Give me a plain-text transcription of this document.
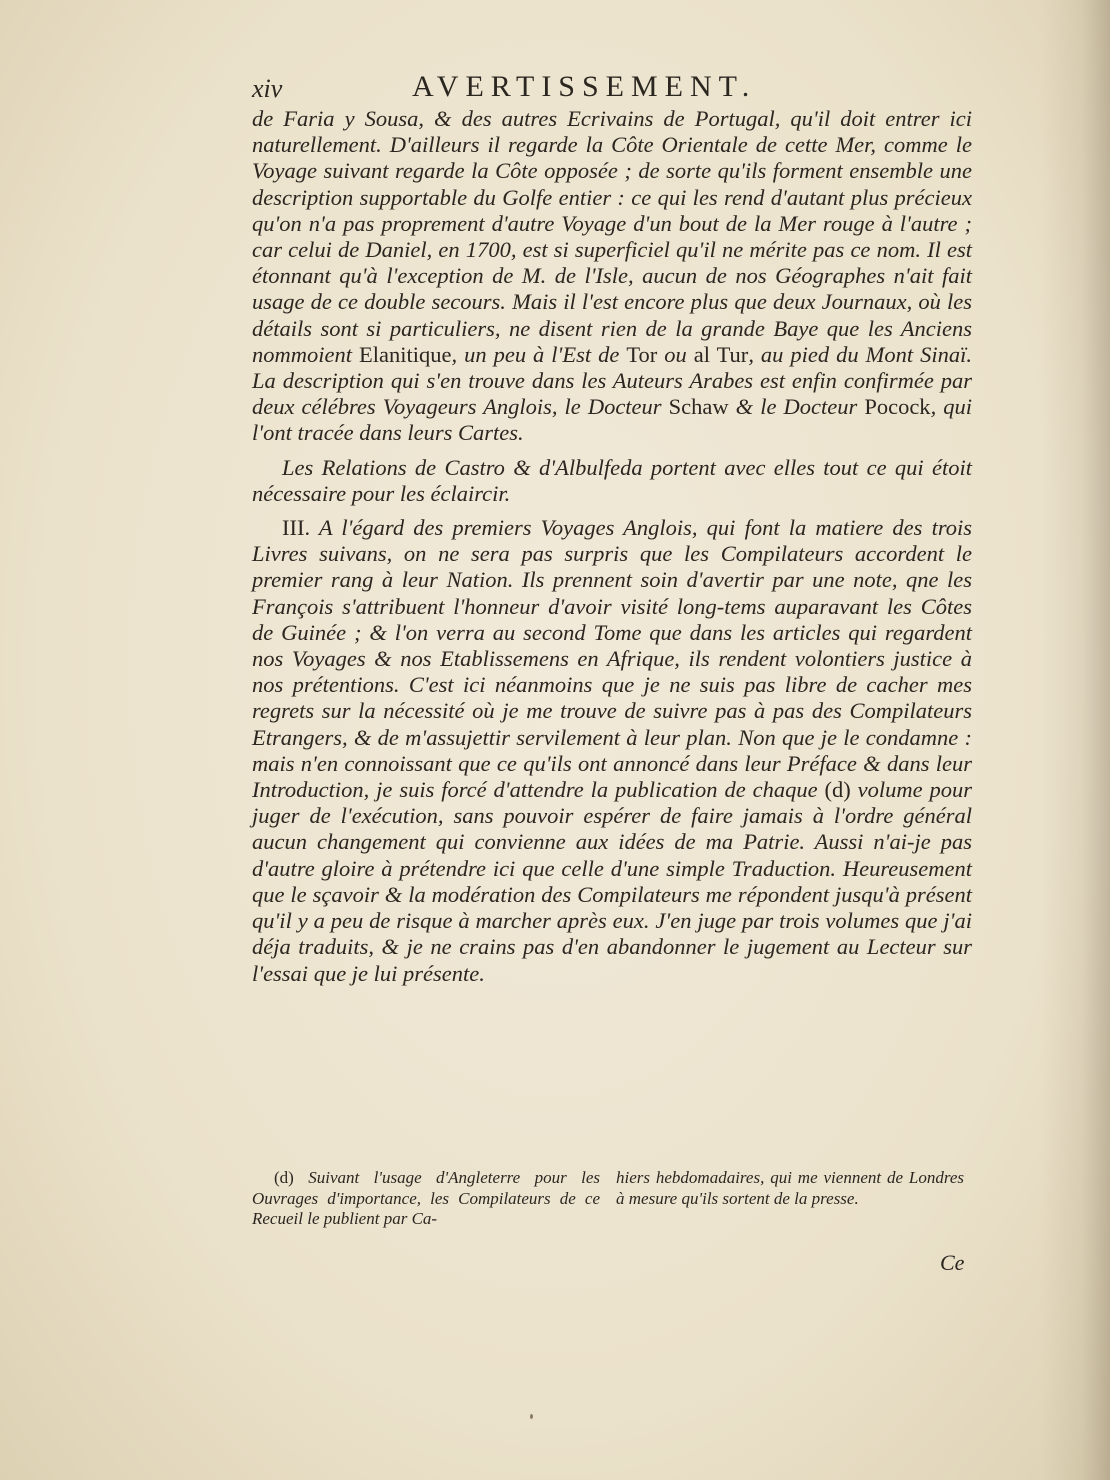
xiv	AVERTISSEMENT.

de Faria y Sousa, & des autres Ecrivains de Portugal, qu'il doit entrer ici naturellement. D'ailleurs il regarde la Côte Orientale de cette Mer, comme le Voyage suivant regarde la Côte opposée ; de sorte qu'ils forment ensemble une description supportable du Golfe entier : ce qui les rend d'autant plus précieux qu'on n'a pas proprement d'autre Voyage d'un bout de la Mer rouge à l'autre ; car celui de Daniel, en 1700, est si superficiel qu'il ne mérite pas ce nom. Il est étonnant qu'à l'exception de M. de l'Isle, aucun de nos Géographes n'ait fait usage de ce double secours. Mais il l'est encore plus que deux Journaux, où les détails sont si particuliers, ne disent rien de la grande Baye que les Anciens nommoient Elanitique, un peu à l'Est de Tor ou al Tur, au pied du Mont Sinaï. La description qui s'en trouve dans les Auteurs Arabes est enfin confirmée par deux célébres Voyageurs Anglois, le Docteur Schaw & le Docteur Pocock, qui l'ont tracée dans leurs Cartes.

Les Relations de Castro & d'Albulfeda portent avec elles tout ce qui étoit nécessaire pour les éclaircir.

III. A l'égard des premiers Voyages Anglois, qui font la matiere des trois Livres suivans, on ne sera pas surpris que les Compilateurs accordent le premier rang à leur Nation. Ils prennent soin d'avertir par une note, qne les François s'attribuent l'honneur d'avoir visité long-tems auparavant les Côtes de Guinée ; & l'on verra au second Tome que dans les articles qui regardent nos Voyages & nos Etablissemens en Afrique, ils rendent volontiers justice à nos prétentions. C'est ici néanmoins que je ne suis pas libre de cacher mes regrets sur la nécessité où je me trouve de suivre pas à pas des Compilateurs Etrangers, & de m'assujettir servilement à leur plan. Non que je le condamne : mais n'en connoissant que ce qu'ils ont annoncé dans leur Préface & dans leur Introduction, je suis forcé d'attendre la publication de chaque (d) volume pour juger de l'exécution, sans pouvoir espérer de faire jamais à l'ordre général aucun changement qui convienne aux idées de ma Patrie. Aussi n'ai-je pas d'autre gloire à prétendre ici que celle d'une simple Traduction. Heureusement que le sçavoir & la modération des Compilateurs me répondent jusqu'à présent qu'il y a peu de risque à marcher après eux. J'en juge par trois volumes que j'ai déja traduits, & je ne crains pas d'en abandonner le jugement au Lecteur sur l'essai que je lui présente.

(d) Suivant l'usage d'Angleterre pour les Ouvrages d'importance, les Compilateurs de ce Recueil le publient par Ca-

hiers hebdomadaires, qui me viennent de Londres à mesure qu'ils sortent de la presse.

Ce
